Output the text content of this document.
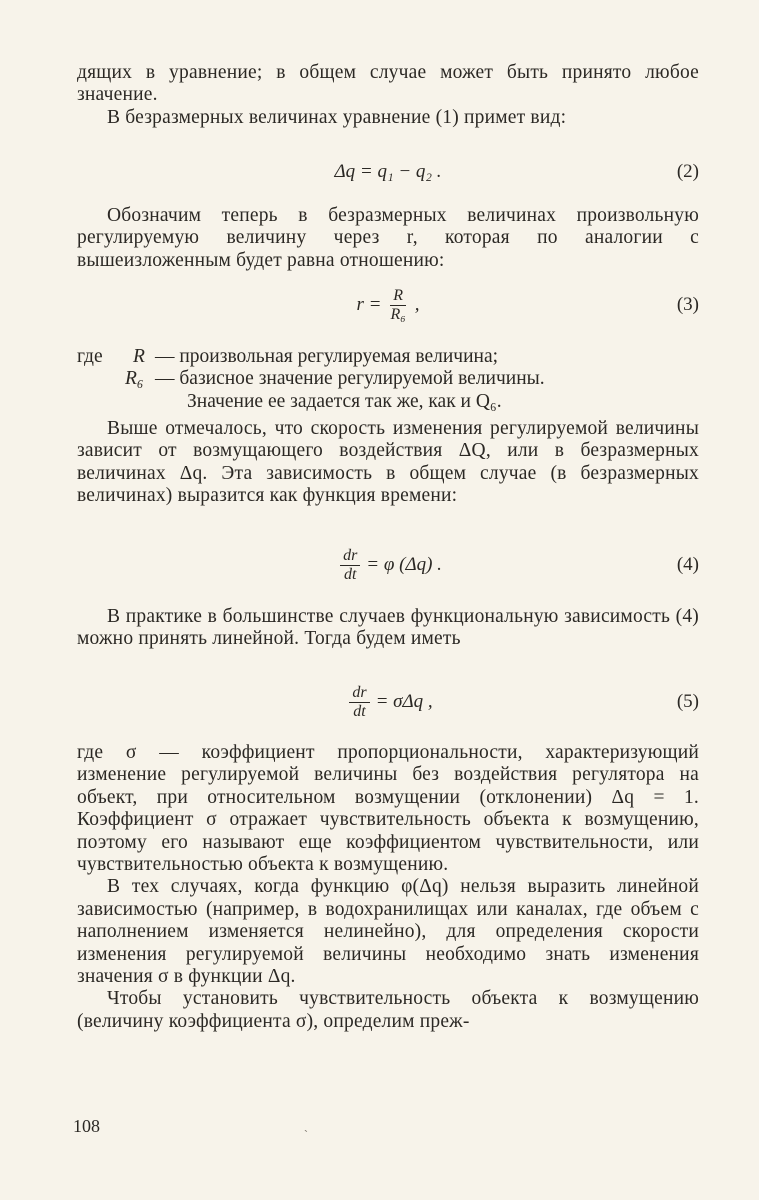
дящих в уравнение; в общем случае может быть принято любое значение.

В безразмерных величинах уравнение (1) примет вид:

Δq = q₁ − q₂ .	(2)

Обозначим теперь в безразмерных величинах произвольную регулируемую величину через r, которая по аналогии с вышеизложенным будет равна отношению:

$r = \frac{R}{\text{R₆}}$ ,	(3)
где R — произвольная регулируемая величина;
R₆ — базисное значение регулируемой величины.
Значение ее задается так же, как и Q₆.

Выше отмечалось, что скорость изменения регулируемой величины зависит от возмущающего воздействия ΔQ, или в безразмерных величинах Δq. Эта зависимость в общем случае (в безразмерных величинах) выразится как функция времени:

$\frac{dr}{dt} = \varphi$ (Δq) .	(4)

В практике в большинстве случаев функциональную зависимость (4) можно принять линейной. Тогда будем иметь

$\frac{dr}{dt} = \sigma\Delta q$ ,	(5)

где σ — коэффициент пропорциональности, характеризующий изменение регулируемой величины без воздействия регулятора на объект, при относительном возмущении (отклонении) Δq = 1. Коэффициент σ отражает чувствительность объекта к возмущению, поэтому его называют еще коэффициентом чувствительности, или чувствительностью объекта к возмущению.

В тех случаях, когда функцию φ(Δq) нельзя выразить линейной зависимостью (например, в водохранилищах или каналах, где объем с наполнением изменяется нелинейно), для определения скорости изменения регулируемой величины необходимо знать изменения значения σ в функции Δq.

Чтобы установить чувствительность объекта к возмущению (величину коэффициента σ), определим преж-

108	˴
